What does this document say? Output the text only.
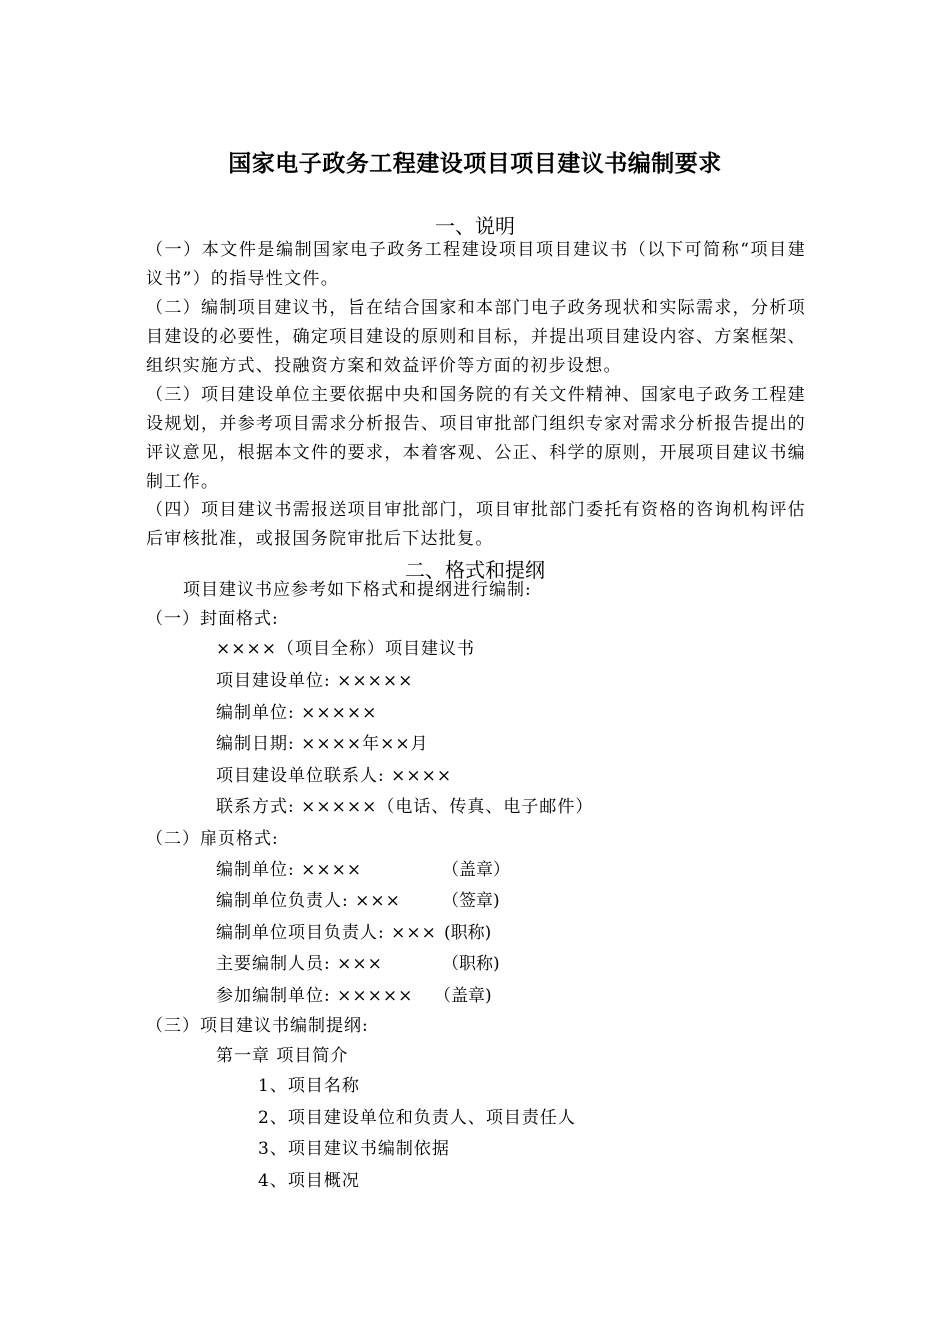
国家电子政务工程建设项目项目建议书编制要求
一、说明
（一）本文件是编制国家电子政务工程建设项目项目建议书（以下可简称“项目建议书”）的指导性文件。
（二）编制项目建议书，旨在结合国家和本部门电子政务现状和实际需求，分析项目建设的必要性，确定项目建设的原则和目标，并提出项目建设内容、方案框架、组织实施方式、投融资方案和效益评价等方面的初步设想。
（三）项目建设单位主要依据中央和国务院的有关文件精神、国家电子政务工程建设规划，并参考项目需求分析报告、项目审批部门组织专家对需求分析报告提出的评议意见，根据本文件的要求，本着客观、公正、科学的原则，开展项目建议书编制工作。
（四）项目建议书需报送项目审批部门，项目审批部门委托有资格的咨询机构评估后审核批准，或报国务院审批后下达批复。
二、格式和提纲
项目建议书应参考如下格式和提纲进行编制:
（一）封面格式:
××××（项目全称）项目建议书
项目建设单位: ×××××
编制单位: ×××××
编制日期: ××××年××月
项目建设单位联系人: ××××
联系方式: ×××××（电话、传真、电子邮件）
（二）扉页格式:
编制单位: ××××	（盖章）
编制单位负责人: ××× （签章)
编制单位项目负责人: ××× (职称)
主要编制人员: ×××	（职称)
参加编制单位: ××××× （盖章)
（三）项目建议书编制提纲:
第一章 项目简介
1、项目名称
2、项目建设单位和负责人、项目责任人
3、项目建议书编制依据
4、项目概况
